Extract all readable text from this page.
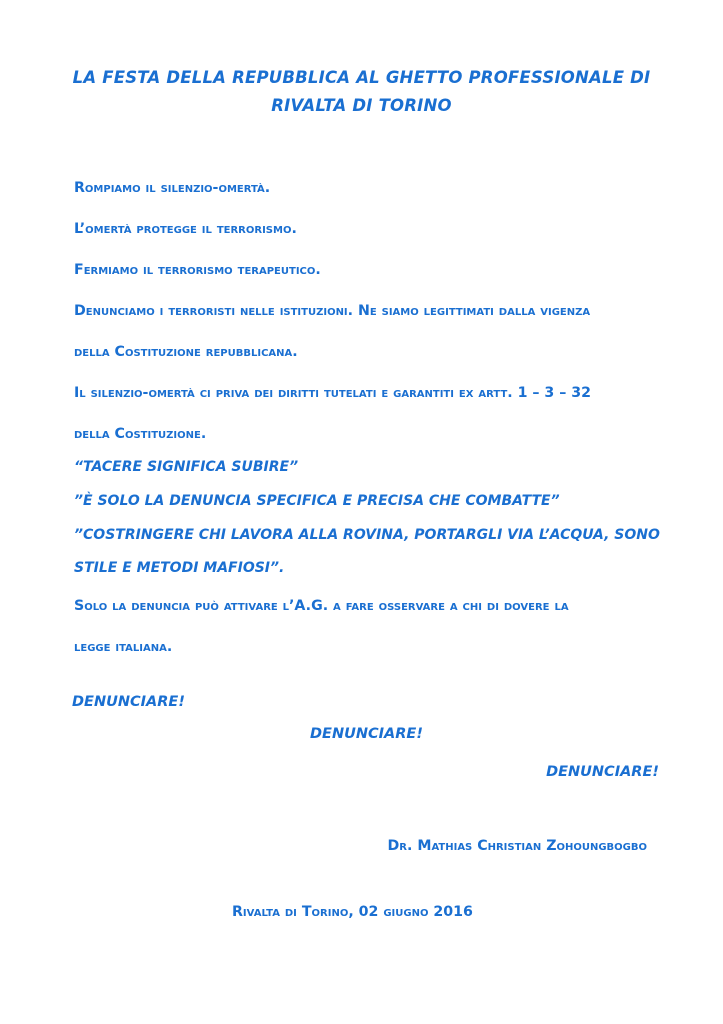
LA FESTA DELLA REPUBBLICA AL GHETTO PROFESSIONALE DI
RIVALTA DI TORINO
Rompiamo il silenzio-omertà.
L’omertà protegge il terrorismo.
Fermiamo il terrorismo terapeutico.
Denunciamo i terroristi nelle istituzioni. Ne siamo legittimati dalla vigenza
della Costituzione repubblicana.
Il silenzio-omertà ci priva dei diritti tutelati e garantiti ex artt. 1 – 3 – 32
della Costituzione.
“TACERE SIGNIFICA SUBIRE”
”È SOLO LA DENUNCIA SPECIFICA E PRECISA CHE COMBATTE”
”COSTRINGERE CHI LAVORA ALLA ROVINA, PORTARGLI VIA L’ACQUA, SONO
STILE E METODI MAFIOSI”.
Solo la denuncia può attivare l’A.G. a fare osservare a chi di dovere la
legge italiana.
DENUNCIARE!
DENUNCIARE!
DENUNCIARE!
Dr. Mathias Christian Zohoungbogbo
Rivalta di Torino, 02 giugno 2016
